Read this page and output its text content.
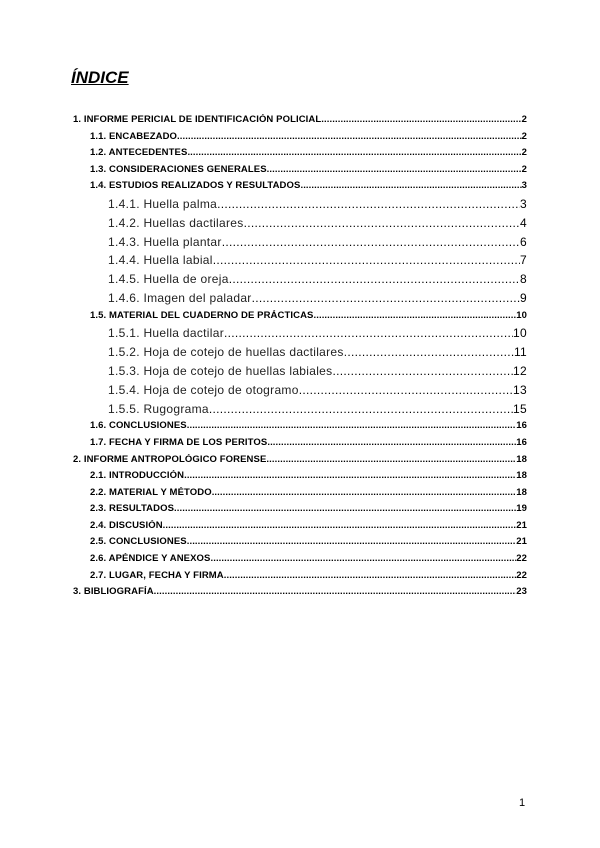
ÍNDICE
1. INFORME PERICIAL DE IDENTIFICACIÓN POLICIAL .....	2
1.1. ENCABEZADO .....	2
1.2. ANTECEDENTES .....	2
1.3. CONSIDERACIONES GENERALES .....	2
1.4. ESTUDIOS REALIZADOS Y RESULTADOS .....	3
1.4.1. Huella palma .....	3
1.4.2. Huellas dactilares .....	4
1.4.3. Huella plantar .....	6
1.4.4. Huella labial .....	7
1.4.5. Huella de oreja .....	8
1.4.6. Imagen del paladar .....	9
1.5. MATERIAL DEL CUADERNO DE PRÁCTICAS. .....	10
1.5.1. Huella dactilar .....	10
1.5.2. Hoja de cotejo de huellas dactilares. .....	11
1.5.3. Hoja de cotejo de huellas labiales .....	12
1.5.4. Hoja de cotejo de otogramo .....	13
1.5.5. Rugograma .....	15
1.6. CONCLUSIONES .....	16
1.7. FECHA Y FIRMA DE LOS PERITOS .....	16
2. INFORME ANTROPOLÓGICO FORENSE .....	18
2.1. INTRODUCCIÓN .....	18
2.2. MATERIAL Y MÉTODO .....	18
2.3. RESULTADOS. .....	19
2.4. DISCUSIÓN. .....	21
2.5. CONCLUSIONES .....	21
2.6. APÉNDICE Y ANEXOS .....	22
2.7. LUGAR, FECHA Y FIRMA .....	22
3. BIBLIOGRAFÍA .....	23
1
